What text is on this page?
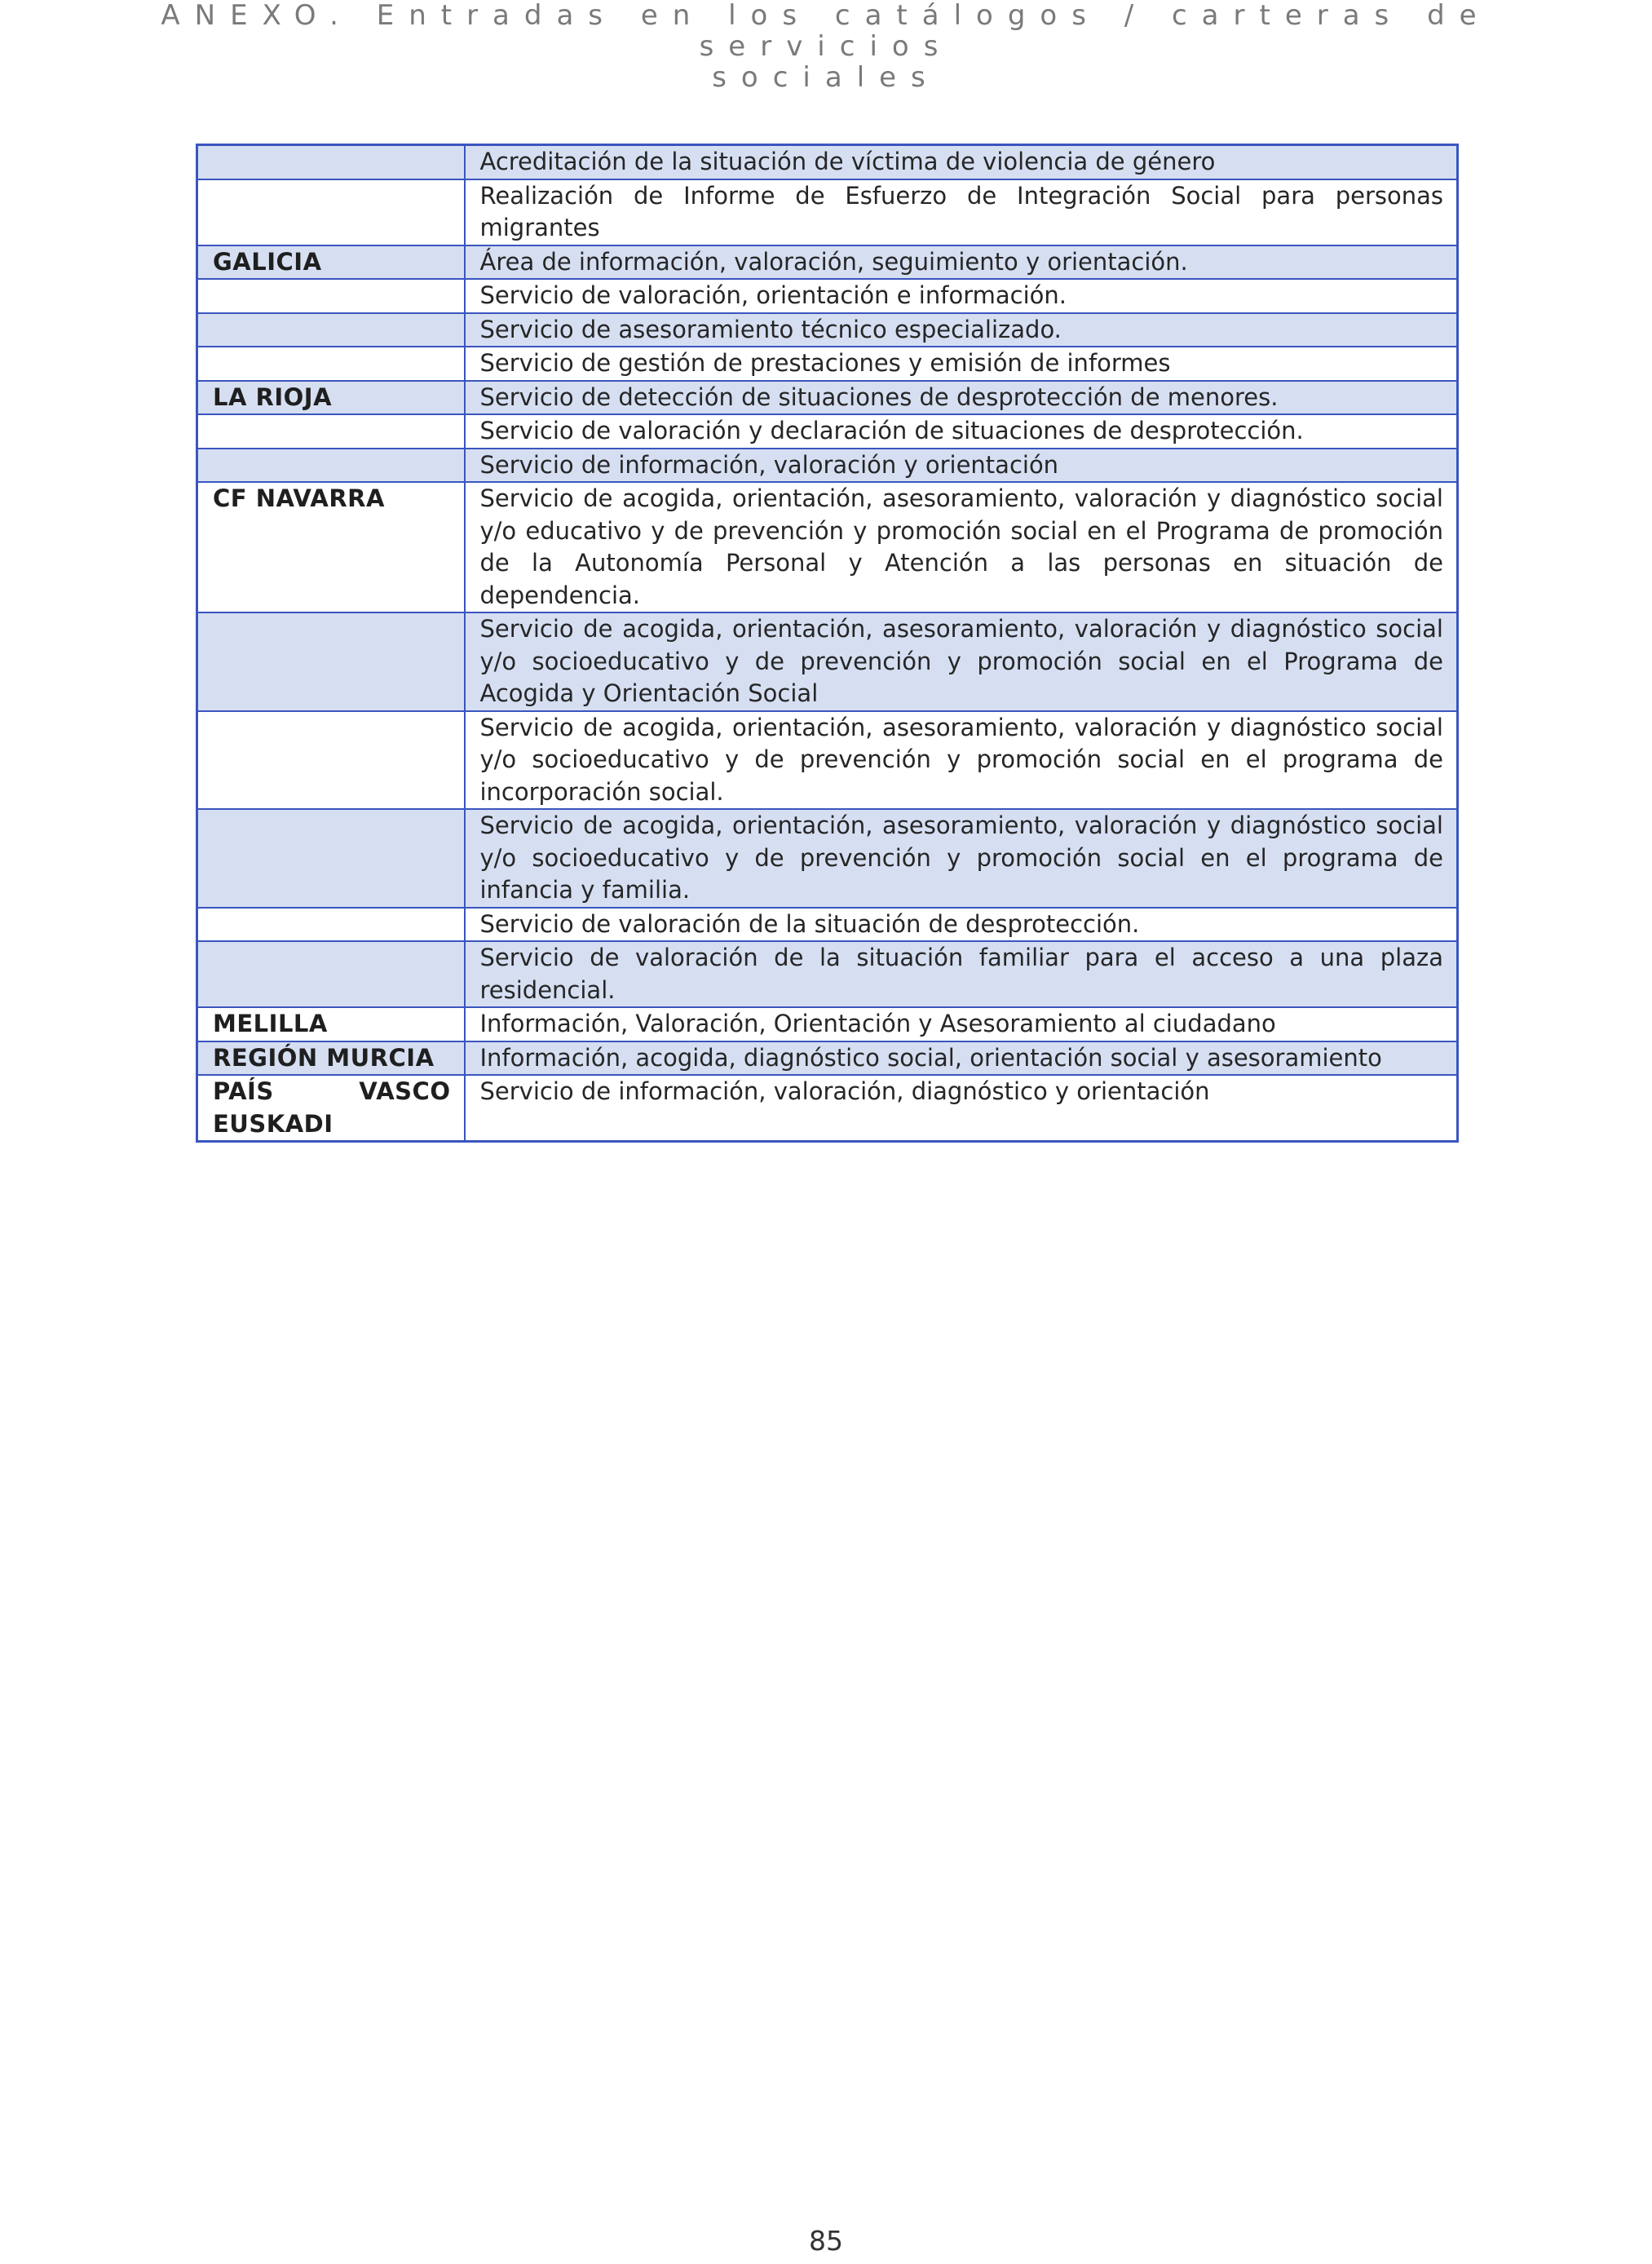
ANEXO. Entradas en los catálogos / carteras de servicios
sociales
	Acreditación de la situación de víctima de violencia de género
	Realización de Informe de Esfuerzo de Integración Social para personas migrantes
GALICIA	Área de información, valoración, seguimiento y orientación.
	Servicio de valoración, orientación e información.
	Servicio de asesoramiento técnico especializado.
	Servicio de gestión de prestaciones y emisión de informes
LA RIOJA	Servicio de detección de situaciones de desprotección de menores.
	Servicio de valoración y declaración de situaciones de desprotección.
	Servicio de información, valoración y orientación
CF NAVARRA	Servicio de acogida, orientación, asesoramiento, valoración y diagnóstico social y/o educativo y de prevención y promoción social en el Programa de promoción de la Autonomía Personal y Atención a las personas en situación de dependencia.
	Servicio de acogida, orientación, asesoramiento, valoración y diagnóstico social y/o socioeducativo y de prevención y promoción social en el Programa de Acogida y Orientación Social
	Servicio de acogida, orientación, asesoramiento, valoración y diagnóstico social y/o socioeducativo y de prevención y promoción social en el programa de incorporación social.
	Servicio de acogida, orientación, asesoramiento, valoración y diagnóstico social y/o socioeducativo y de prevención y promoción social en el programa de infancia y familia.
	Servicio de valoración de la situación de desprotección.
	Servicio de valoración de la situación familiar para el acceso a una plaza residencial.
MELILLA	Información, Valoración, Orientación y Asesoramiento al ciudadano
REGIÓN MURCIA	Información, acogida, diagnóstico social, orientación social y asesoramiento
PAÍS VASCO EUSKADI	Servicio de información, valoración, diagnóstico y orientación
85
